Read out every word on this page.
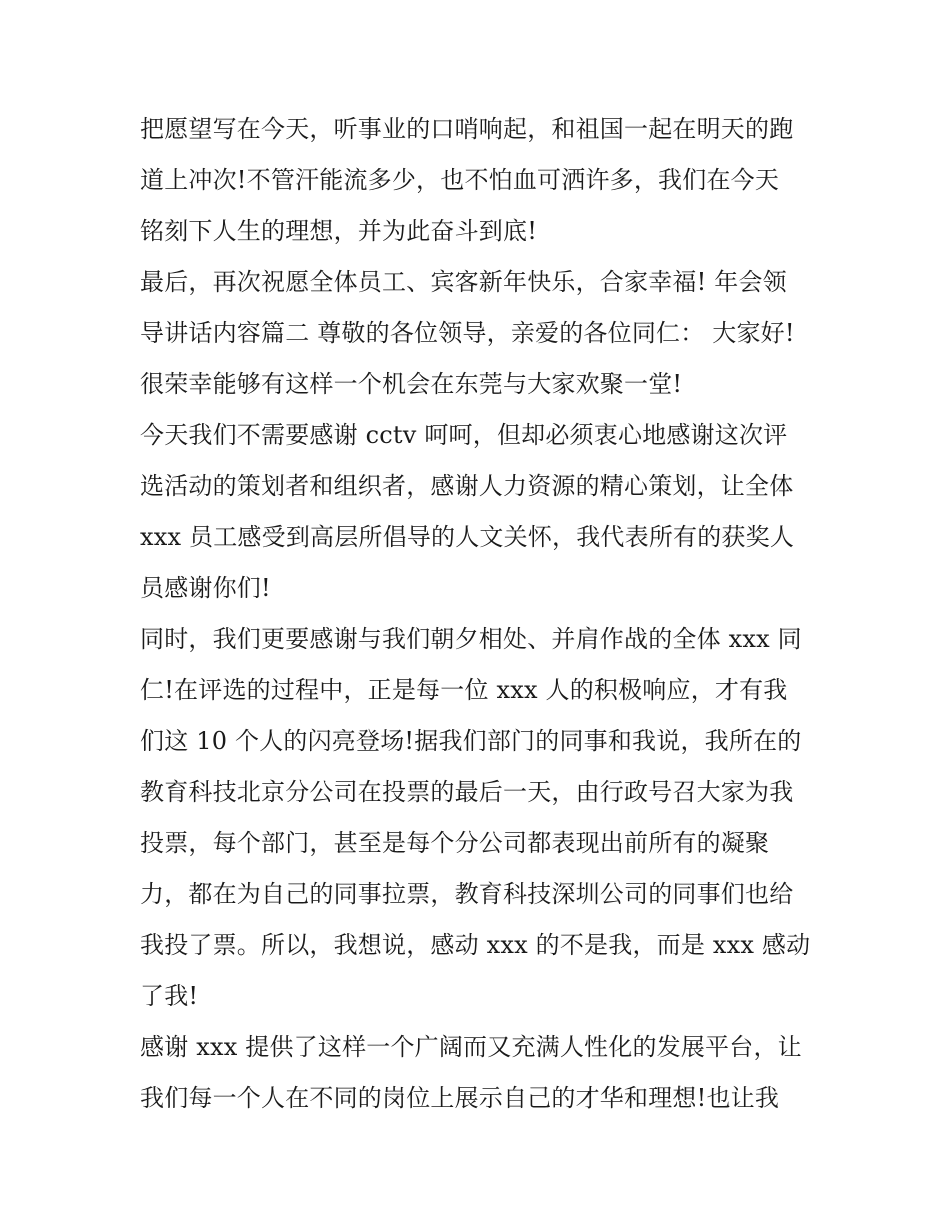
把愿望写在今天，听事业的口哨响起，和祖国一起在明天的跑
道上冲次!不管汗能流多少，也不怕血可洒许多，我们在今天
铭刻下人生的理想，并为此奋斗到底!
最后，再次祝愿全体员工、宾客新年快乐，合家幸福! 年会领
导讲话内容篇二 尊敬的各位领导，亲爱的各位同仁： 大家好!
很荣幸能够有这样一个机会在东莞与大家欢聚一堂!
今天我们不需要感谢 cctv 呵呵，但却必须衷心地感谢这次评
选活动的策划者和组织者，感谢人力资源的精心策划，让全体
xxx 员工感受到高层所倡导的人文关怀，我代表所有的获奖人
员感谢你们!
同时，我们更要感谢与我们朝夕相处、并肩作战的全体 xxx 同
仁!在评选的过程中，正是每一位 xxx 人的积极响应，才有我
们这 10 个人的闪亮登场!据我们部门的同事和我说，我所在的
教育科技北京分公司在投票的最后一天，由行政号召大家为我
投票，每个部门，甚至是每个分公司都表现出前所有的凝聚
力，都在为自己的同事拉票，教育科技深圳公司的同事们也给
我投了票。所以，我想说，感动 xxx 的不是我，而是 xxx 感动
了我!
感谢 xxx 提供了这样一个广阔而又充满人性化的发展平台，让
我们每一个人在不同的岗位上展示自己的才华和理想!也让我
